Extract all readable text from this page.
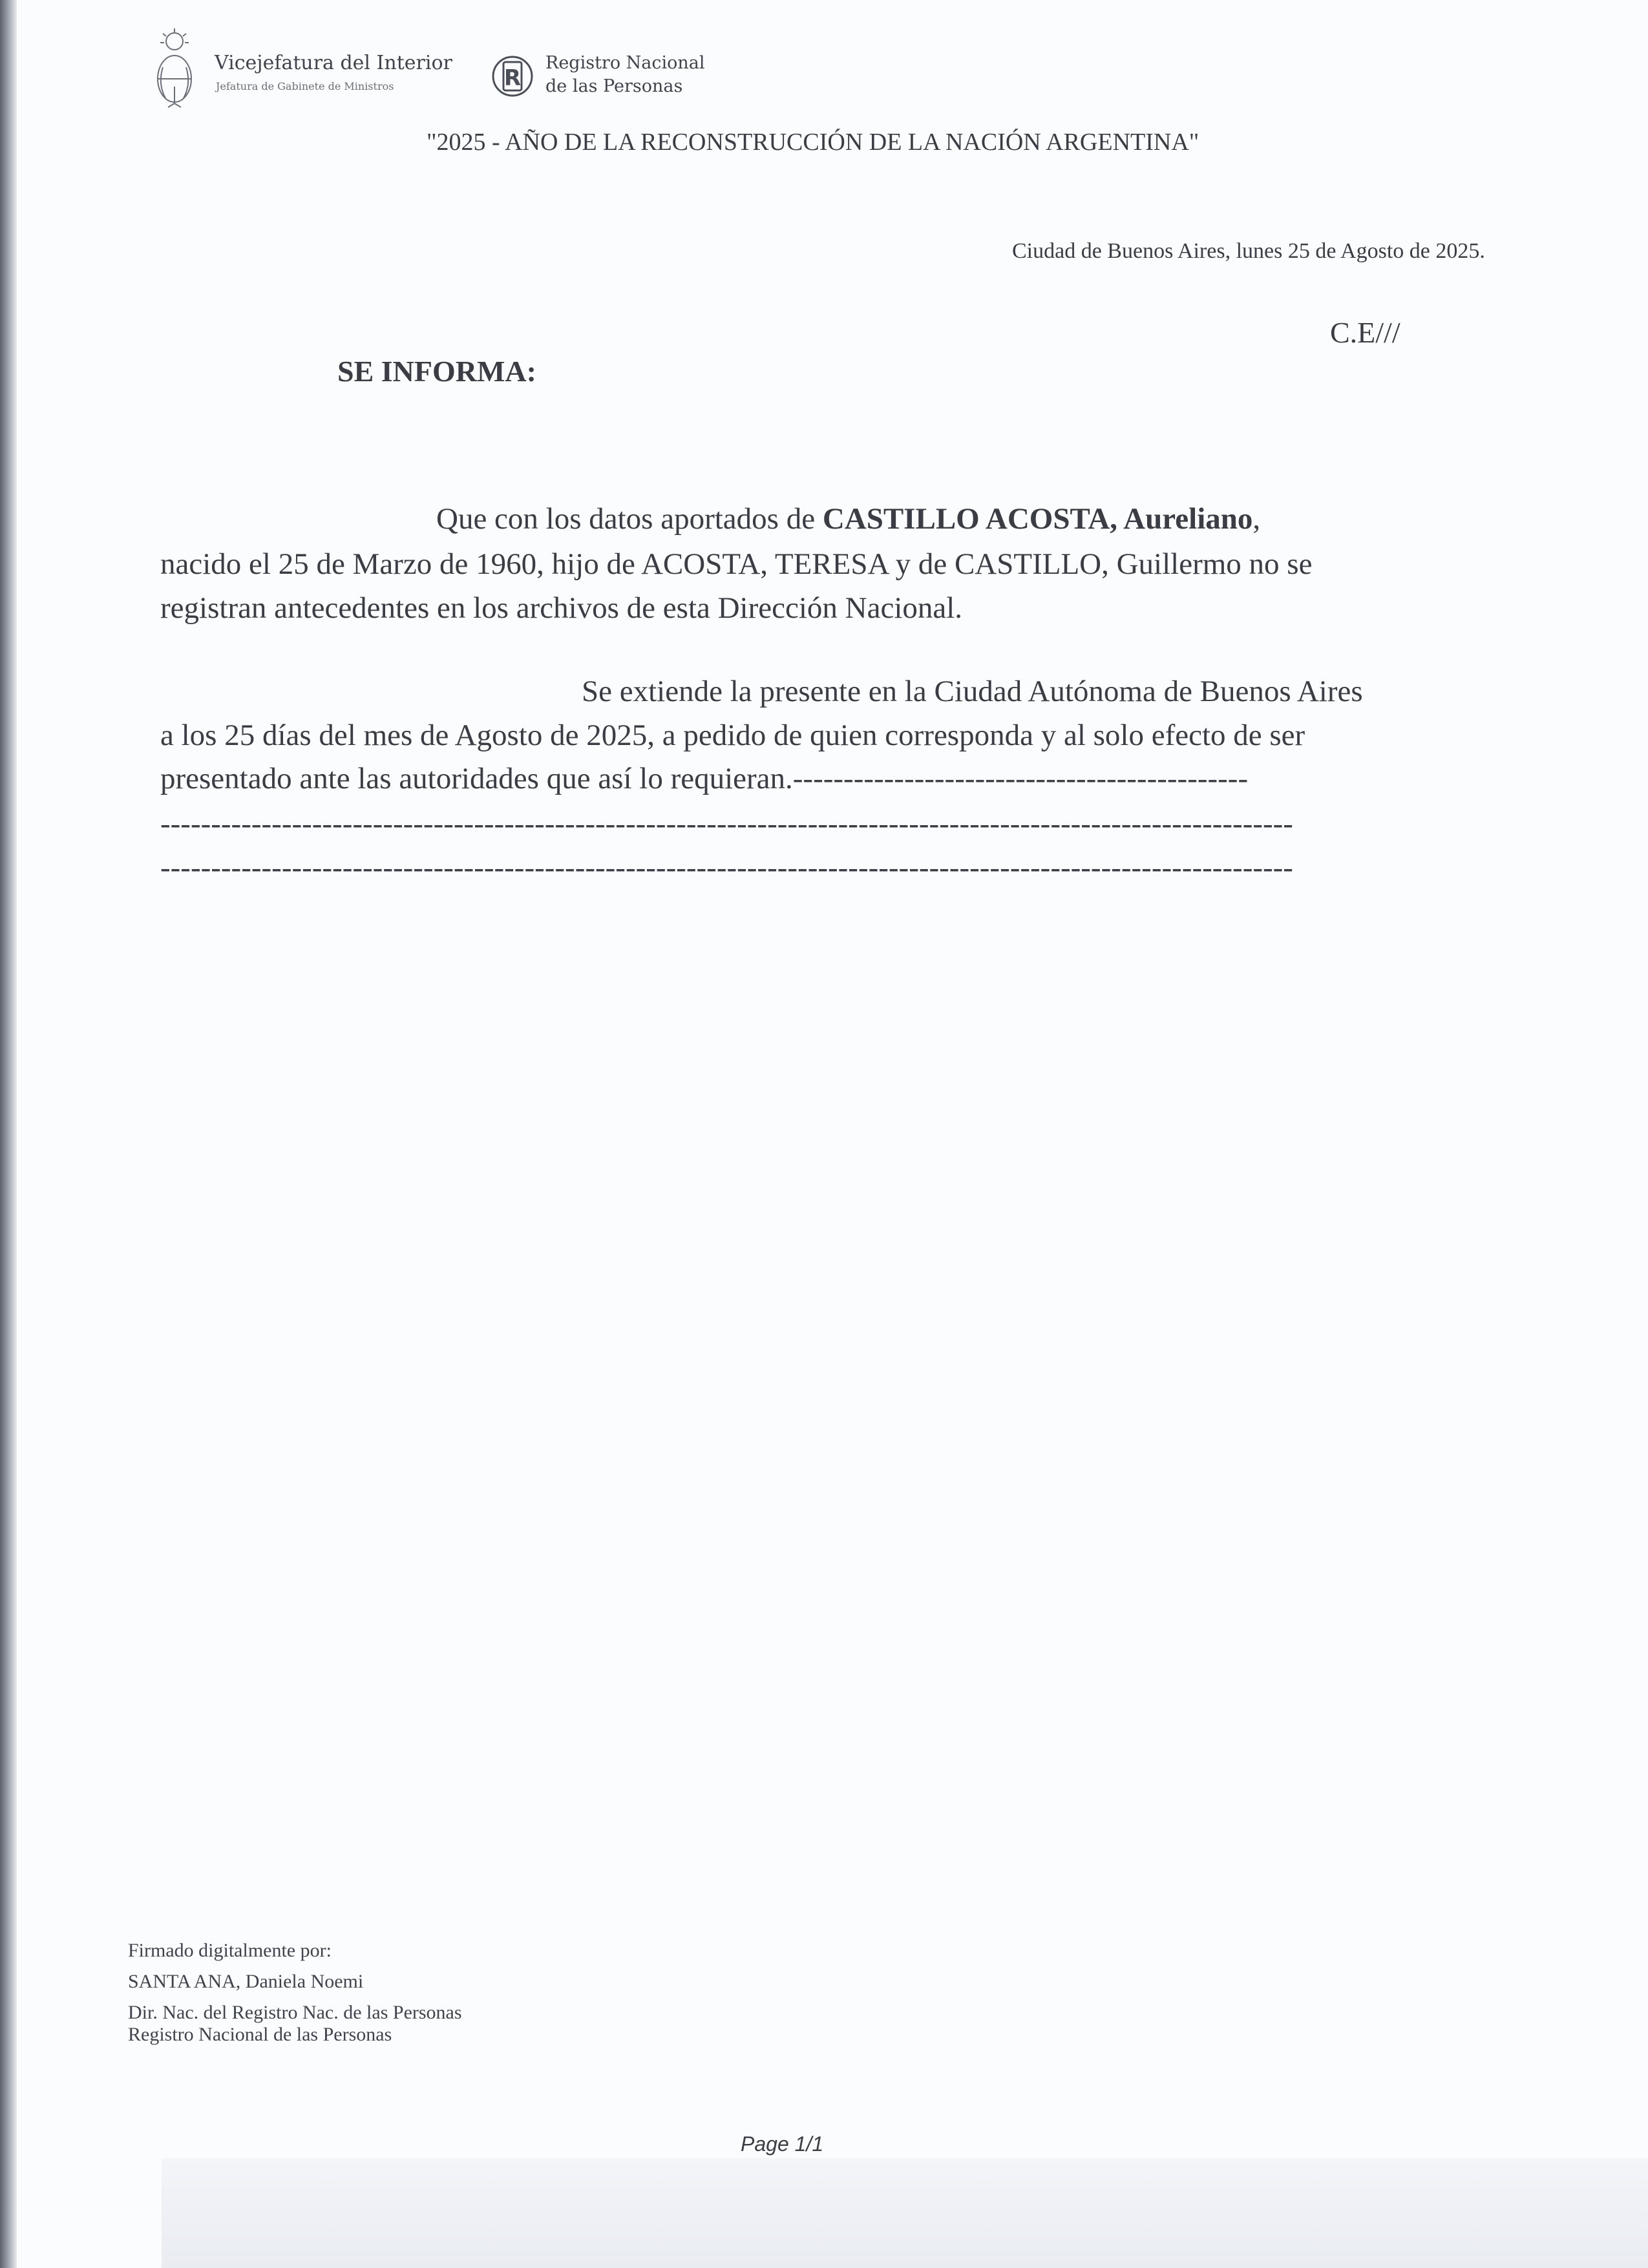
Vicejefatura del Interior
Jefatura de Gabinete de Ministros	R
Registro Nacional
de las Personas
"2025 - AÑO DE LA RECONSTRUCCIÓN DE LA NACIÓN ARGENTINA"
Ciudad de Buenos Aires, lunes 25 de Agosto de 2025.
C.E///
SE INFORMA:
Que con los datos aportados de CASTILLO ACOSTA, Aureliano,
nacido el 25 de Marzo de 1960, hijo de ACOSTA, TERESA y de CASTILLO, Guillermo no se
registran antecedentes en los archivos de esta Dirección Nacional.
Se extiende la presente en la Ciudad Autónoma de Buenos Aires
a los 25 días del mes de Agosto de 2025, a pedido de quien corresponda y al solo efecto de ser
presentado ante las autoridades que así lo requieran.---------------------------------------------
----------------------------------------------------------------------------------------------------------------
----------------------------------------------------------------------------------------------------------------
Firmado digitalmente por:
SANTA ANA, Daniela Noemi
Dir. Nac. del Registro Nac. de las Personas
Registro Nacional de las Personas
Page 1/1
